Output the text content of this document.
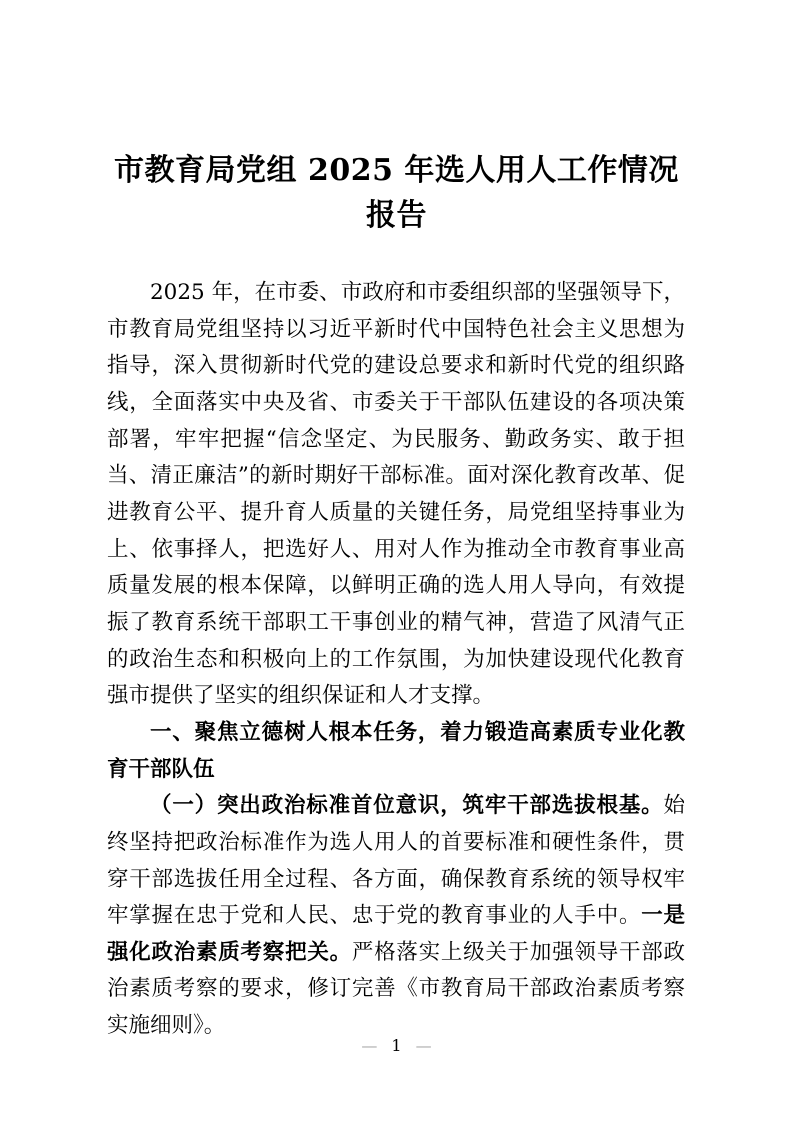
市教育局党组 2025 年选人用人工作情况报告

2025 年，在市委、市政府和市委组织部的坚强领导下，市教育局党组坚持以习近平新时代中国特色社会主义思想为指导，深入贯彻新时代党的建设总要求和新时代党的组织路线，全面落实中央及省、市委关于干部队伍建设的各项决策部署，牢牢把握“信念坚定、为民服务、勤政务实、敢于担当、清正廉洁”的新时期好干部标准。面对深化教育改革、促进教育公平、提升育人质量的关键任务，局党组坚持事业为上、依事择人，把选好人、用对人作为推动全市教育事业高质量发展的根本保障，以鲜明正确的选人用人导向，有效提振了教育系统干部职工干事创业的精气神，营造了风清气正的政治生态和积极向上的工作氛围，为加快建设现代化教育强市提供了坚实的组织保证和人才支撑。

一、聚焦立德树人根本任务，着力锻造高素质专业化教育干部队伍

（一）突出政治标准首位意识，筑牢干部选拔根基。始终坚持把政治标准作为选人用人的首要标准和硬性条件，贯穿干部选拔任用全过程、各方面，确保教育系统的领导权牢牢掌握在忠于党和人民、忠于党的教育事业的人手中。一是强化政治素质考察把关。严格落实上级关于加强领导干部政治素质考察的要求，修订完善《市教育局干部政治素质考察实施细则》。

— 1 —
